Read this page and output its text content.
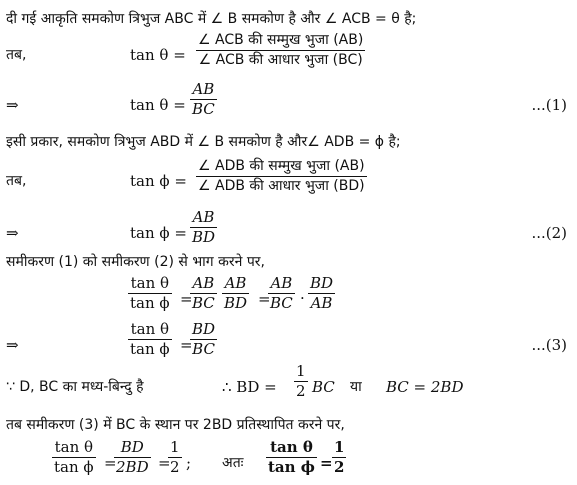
दी गई आकृति समकोण त्रिभुज ABC में ∠ B समकोण है और ∠ ACB = θ है;
तब,	tan θ =
∠ ACB की सम्मुख भुजा (AB)
∠ ACB की आधार भुजा (BC)
⇒	$\tan \theta = \frac{AB}{BC}$	...(1)
इसी प्रकार, समकोण त्रिभुज ABD में ∠ B समकोण है और∠ ADB = ϕ है;
तब,	tan ϕ =
∠ ADB की सम्मुख भुजा (AB)
∠ ADB की आधार भुजा (BD)
⇒	$\tan \phi = \frac{AB}{BD}$	...(2)
समीकरण (1) को समीकरण (2) से भाग करने पर,
$\frac{\text{tan θ}}{\text{tan ϕ}}$ =
$\frac{AB}{BC} \frac{AB}{BD}$ =
$\frac{AB}{BC} \cdot \frac{BD}{AB}$
⇒	$\frac{\text{tan θ}}{\text{tan ϕ}}$ =
$\frac{BD}{BC}$	...(3)
∵ D, BC का मध्य-बिन्दु है	∴ BD = $\frac{1}{2}$ BC या BC = 2BD
तब समीकरण (3) में BC के स्थान पर 2BD प्रतिस्थापित करने पर,
$\frac{\text{tan θ}}{\text{tan ϕ}}$ =
$\frac{BD}{2BD}$ =
$\frac{1}{2}$ ; अतः $\frac{\text{tan θ}}{\text{tan ϕ}} = \frac{1}{2}$
